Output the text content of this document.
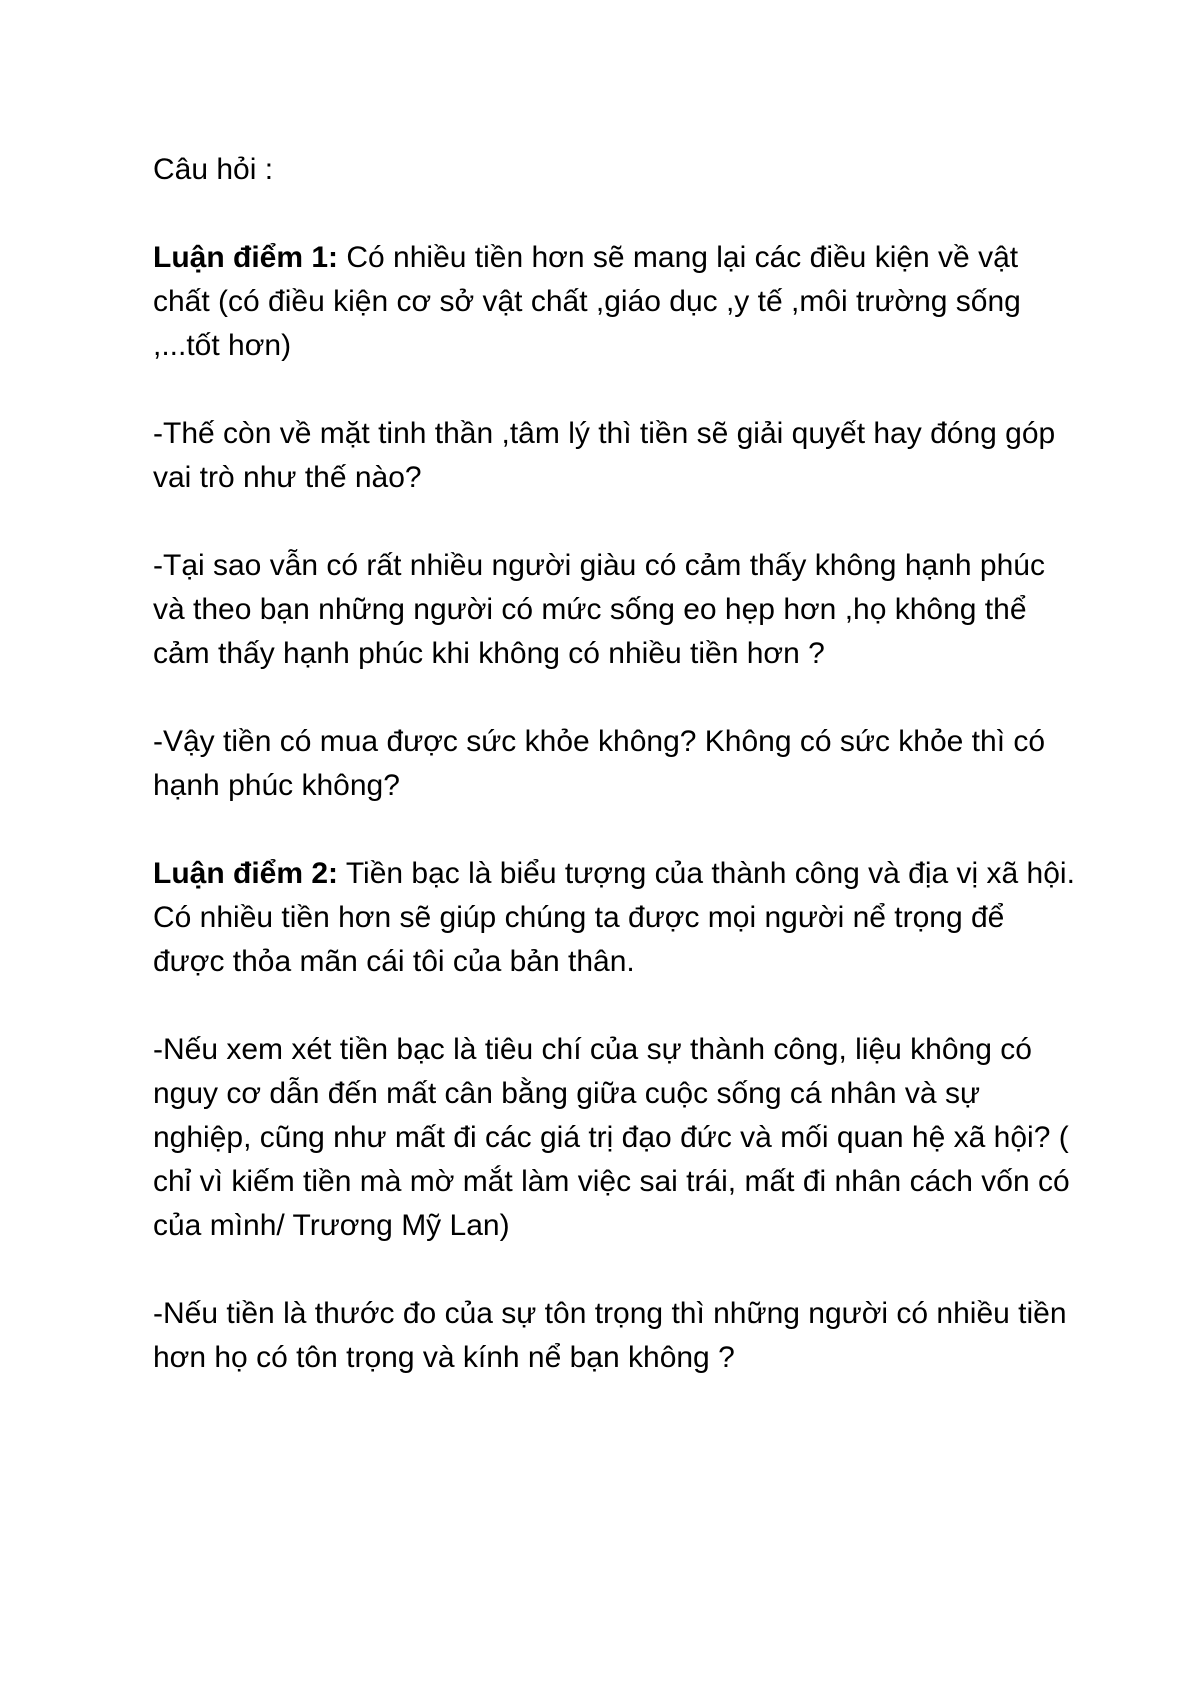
Câu hỏi :

Luận điểm 1: Có nhiều tiền hơn sẽ mang lại các điều kiện về vật chất (có điều kiện cơ sở vật chất ,giáo dục ,y tế ,môi trường sống ,...tốt hơn)

-Thế còn về mặt tinh thần ,tâm lý thì tiền sẽ giải quyết hay đóng góp vai trò như thế nào?

-Tại sao vẫn có rất nhiều người giàu có cảm thấy không hạnh phúc và theo bạn những người có mức sống eo hẹp hơn ,họ không thể cảm thấy hạnh phúc khi không có nhiều tiền hơn ?

-Vậy tiền có mua được sức khỏe không? Không có sức khỏe thì có hạnh phúc không?

Luận điểm 2: Tiền bạc là biểu tượng của thành công và địa vị xã hội. Có nhiều tiền hơn sẽ giúp chúng ta được mọi người nể trọng để được thỏa mãn cái tôi của bản thân.

-Nếu xem xét tiền bạc là tiêu chí của sự thành công, liệu không có nguy cơ dẫn đến mất cân bằng giữa cuộc sống cá nhân và sự nghiệp, cũng như mất đi các giá trị đạo đức và mối quan hệ xã hội? ( chỉ vì kiếm tiền mà mờ mắt làm việc sai trái, mất đi nhân cách vốn có của mình/ Trương Mỹ Lan)

-Nếu tiền là thước đo của sự tôn trọng thì những người có nhiều tiền hơn họ có tôn trọng và kính nể bạn không ?
